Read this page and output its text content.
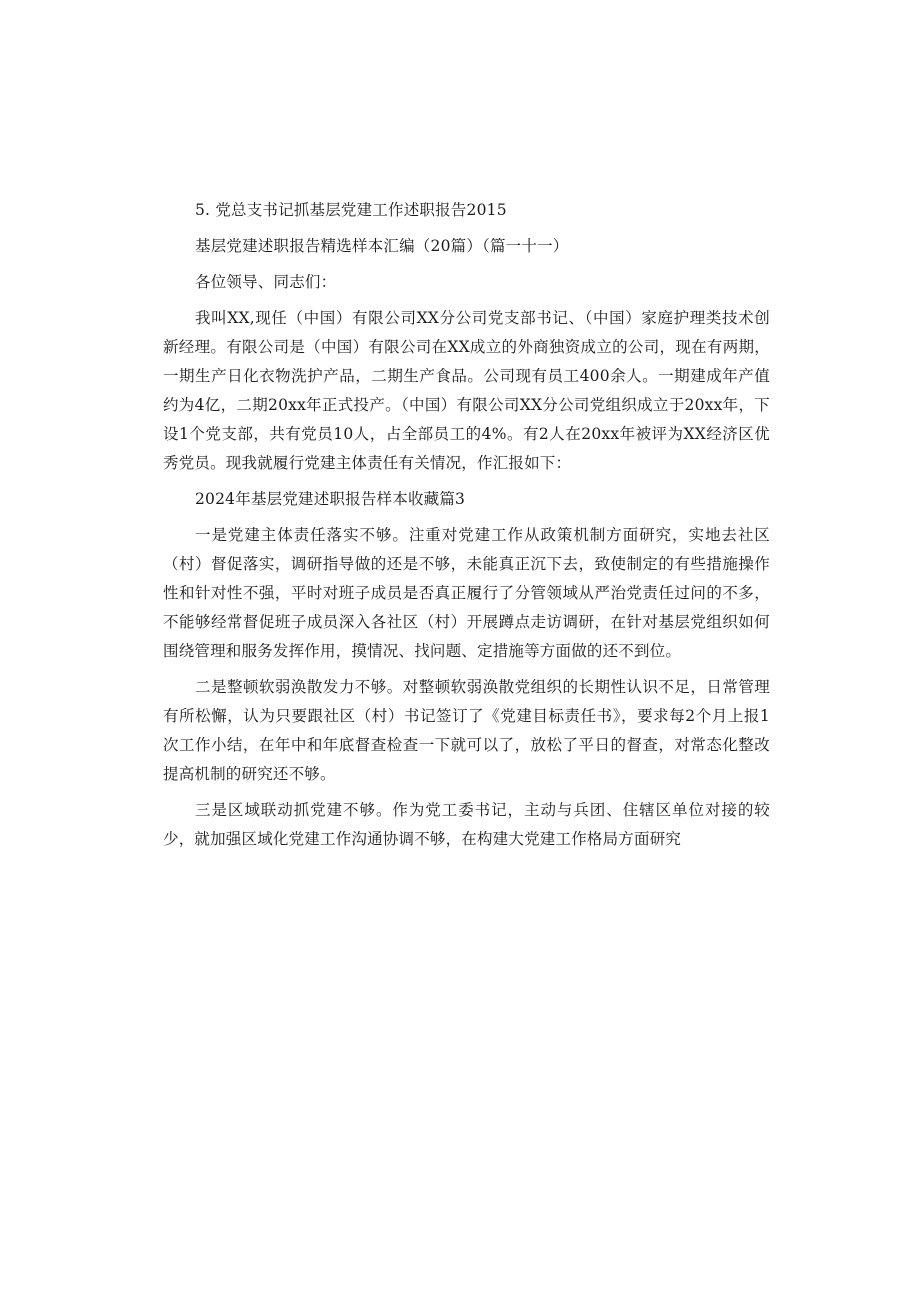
5. 党总支书记抓基层党建工作述职报告2015

基层党建述职报告精选样本汇编（20篇）（篇一十一）

各位领导、同志们：

我叫XX,现任（中国）有限公司XX分公司党支部书记、（中国）家庭护理类技术创新经理。有限公司是（中国）有限公司在XX成立的外商独资成立的公司，现在有两期，一期生产日化衣物洗护产品，二期生产食品。公司现有员工400余人。一期建成年产值约为4亿，二期20xx年正式投产。（中国）有限公司XX分公司党组织成立于20xx年，下设1个党支部，共有党员10人，占全部员工的4%。有2人在20xx年被评为XX经济区优秀党员。现我就履行党建主体责任有关情况，作汇报如下：

2024年基层党建述职报告样本收藏篇3

一是党建主体责任落实不够。注重对党建工作从政策机制方面研究，实地去社区（村）督促落实，调研指导做的还是不够，未能真正沉下去，致使制定的有些措施操作性和针对性不强，平时对班子成员是否真正履行了分管领域从严治党责任过问的不多，不能够经常督促班子成员深入各社区（村）开展蹲点走访调研，在针对基层党组织如何围绕管理和服务发挥作用，摸情况、找问题、定措施等方面做的还不到位。

二是整顿软弱涣散发力不够。对整顿软弱涣散党组织的长期性认识不足，日常管理有所松懈，认为只要跟社区（村）书记签订了《党建目标责任书》，要求每2个月上报1次工作小结，在年中和年底督查检查一下就可以了，放松了平日的督查，对常态化整改提高机制的研究还不够。

三是区域联动抓党建不够。作为党工委书记，主动与兵团、住辖区单位对接的较少，就加强区域化党建工作沟通协调不够，在构建大党建工作格局方面研究
